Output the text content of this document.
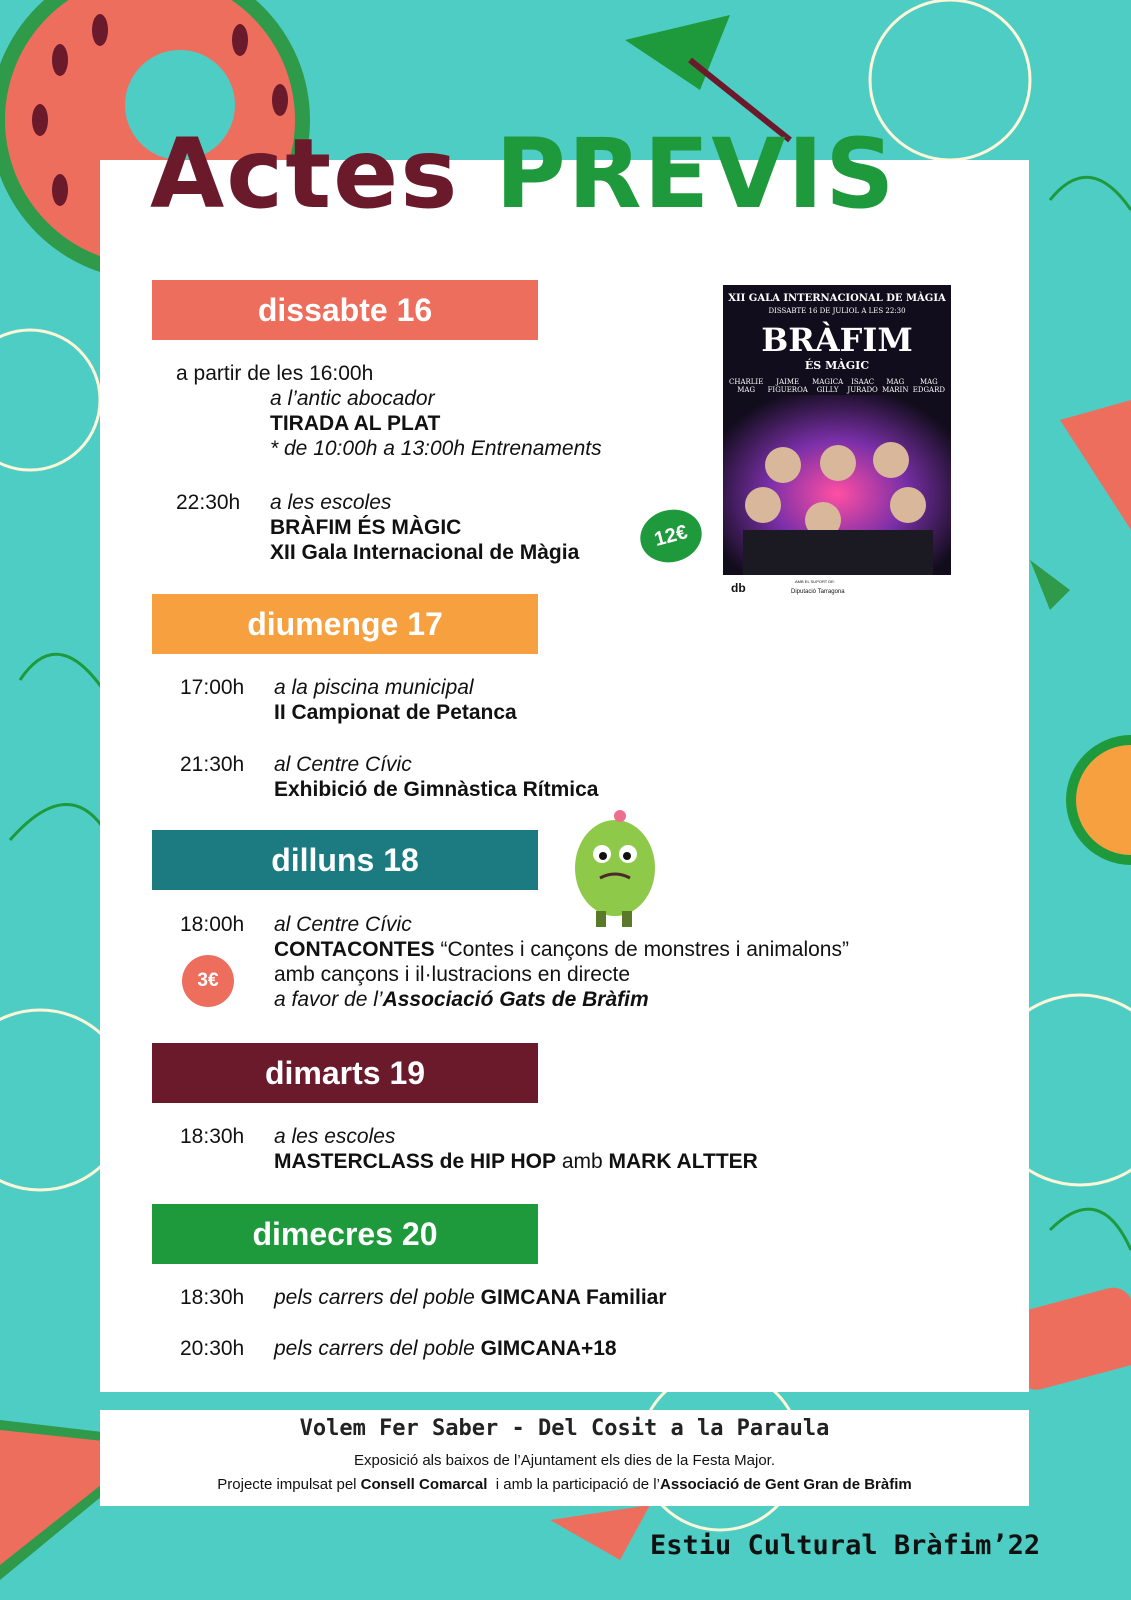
Actes PREVIS
dissabte 16
diumenge 17
dilluns 18
dimarts 19
dimecres 20
a partir de les 16:00h
a l’antic abocador
TIRADA AL PLAT
* de 10:00h a 13:00h Entrenaments
22:30h	a les escoles
BRÀFIM ÉS MÀGIC
XII Gala Internacional de Màgia
12€
XII GALA INTERNACIONAL DE MÀGIA
DISSABTE 16 DE JULIOL A LES 22:30
BRÀFIM
ÉS MÀGIC
CHARLIE
MAG
JAIME
FIGUEROA
MAGICA
GILLY
ISAAC
JURADO
MAG
MARIN
MAG
EDGARD
db	AMB EL SUPORT DE:
Diputació Tarragona
17:00h	a la piscina municipal
II Campionat de Petanca
21:30h	al Centre Cívic
Exhibició de Gimnàstica Rítmica
18:00h	al Centre Cívic
CONTACONTES “Contes i cançons de monstres i animalons”
amb cançons i il·lustracions en directe
a favor de l’Associació Gats de Bràfim
3€
18:30h	a les escoles
MASTERCLASS de HIP HOP amb MARK ALTTER
18:30h	pels carrers del poble GIMCANA Familiar
20:30h	pels carrers del poble GIMCANA+18
Volem Fer Saber - Del Cosit a la Paraula
Exposició als baixos de l’Ajuntament els dies de la Festa Major.
Projecte impulsat pel Consell Comarcal  i amb la participació de l’Associació de Gent Gran de Bràfim
Estiu Cultural Bràfim’22
